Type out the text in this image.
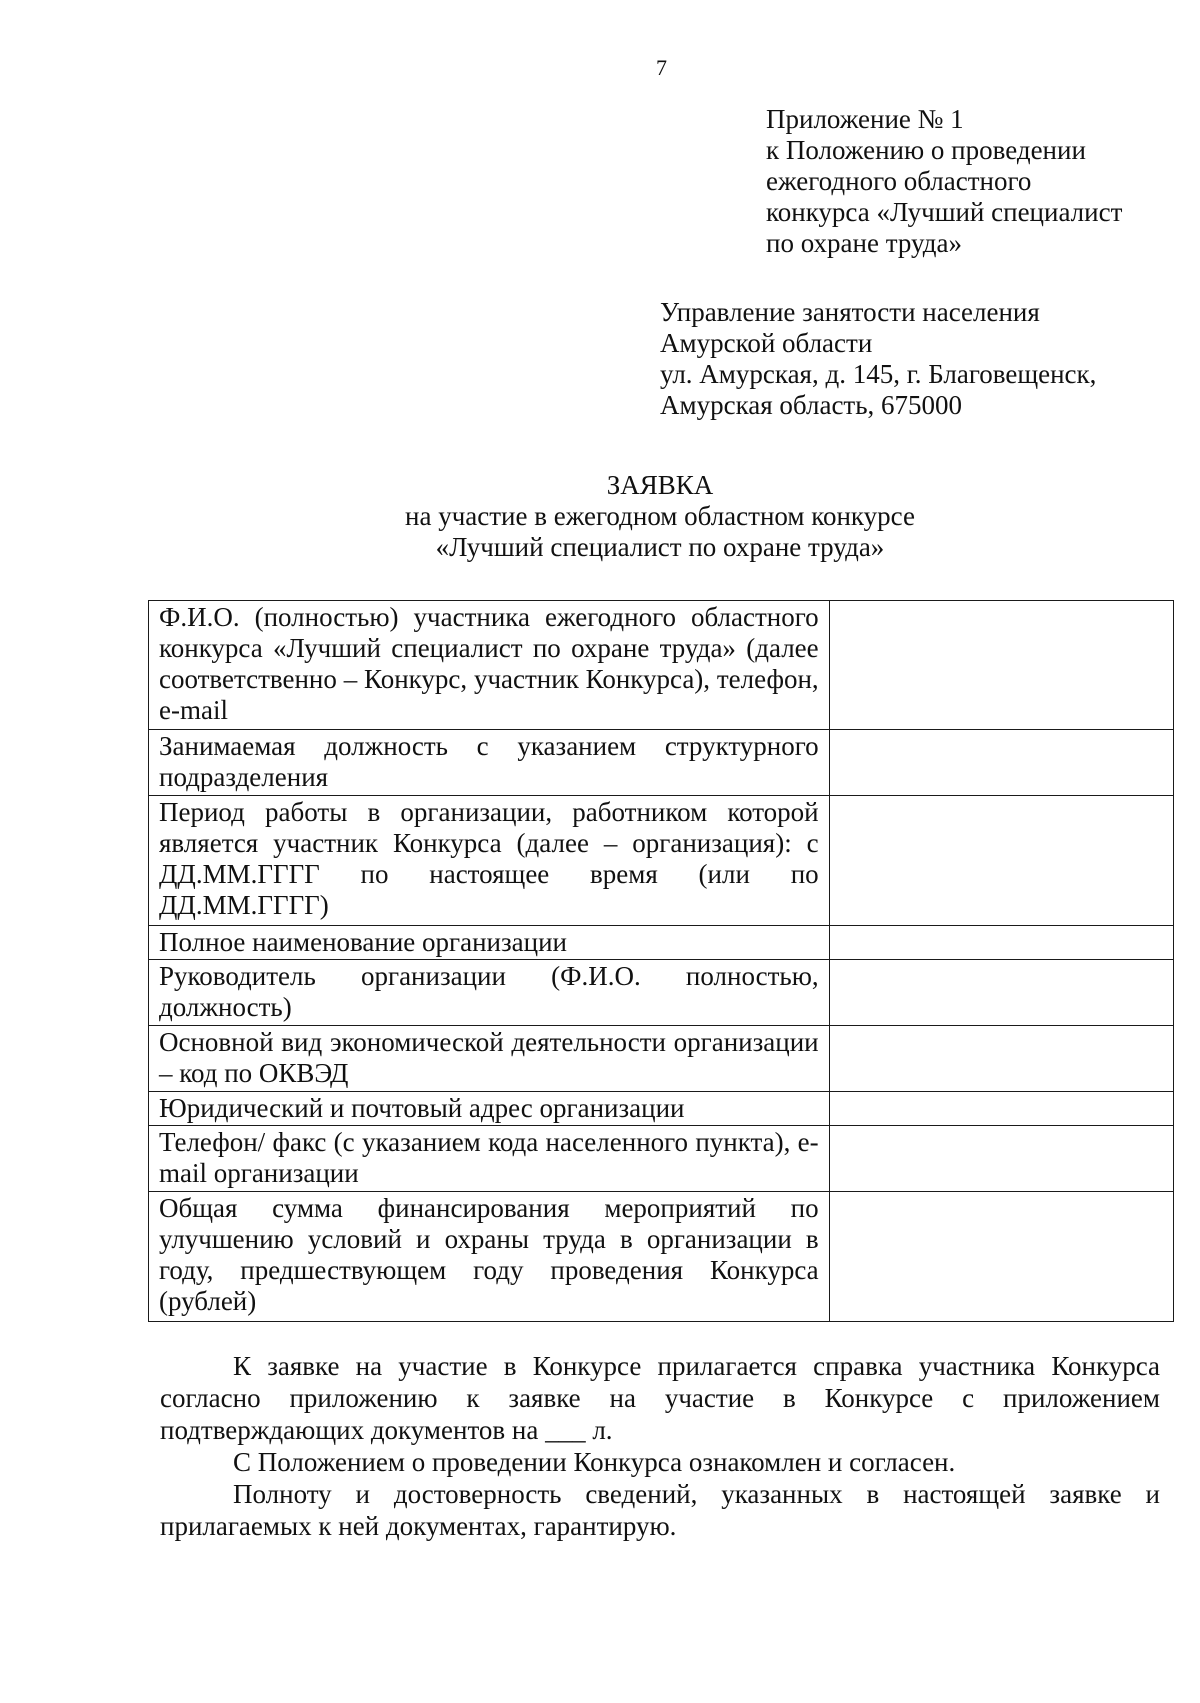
7
Приложение № 1
к Положению о проведении
ежегодного областного
конкурса «Лучший специалист
по охране труда»
Управление занятости населения
Амурской области
ул. Амурская, д. 145, г. Благовещенск,
Амурская область, 675000
ЗАЯВКА
на участие в ежегодном областном конкурсе
«Лучший специалист по охране труда»
Ф.И.О. (полностью) участника ежегодного областного конкурса «Лучший специалист по охране труда» (далее соответственно – Конкурс, участник Конкурса), телефон, e-mail	
Занимаемая должность с указанием структурного подразделения	
Период работы в организации, работником которой является участник Конкурса (далее – организация): с ДД.ММ.ГГГГ по настоящее время (или по ДД.ММ.ГГГГ)	
Полное наименование организации	
Руководитель организации (Ф.И.О. полностью, должность)	
Основной вид экономической деятельности организации – код по ОКВЭД	
Юридический и почтовый адрес организации	
Телефон/ факс (с указанием кода населенного пункта), e-mail организации	
Общая сумма финансирования мероприятий по улучшению условий и охраны труда в организации в году, предшествующем году проведения Конкурса (рублей)	

К заявке на участие в Конкурсе прилагается справка участника Конкурса согласно приложению к заявке на участие в Конкурсе с приложением подтверждающих документов на ___ л.

С Положением о проведении Конкурса ознакомлен и согласен.

Полноту и достоверность сведений, указанных в настоящей заявке и прилагаемых к ней документах, гарантирую.
